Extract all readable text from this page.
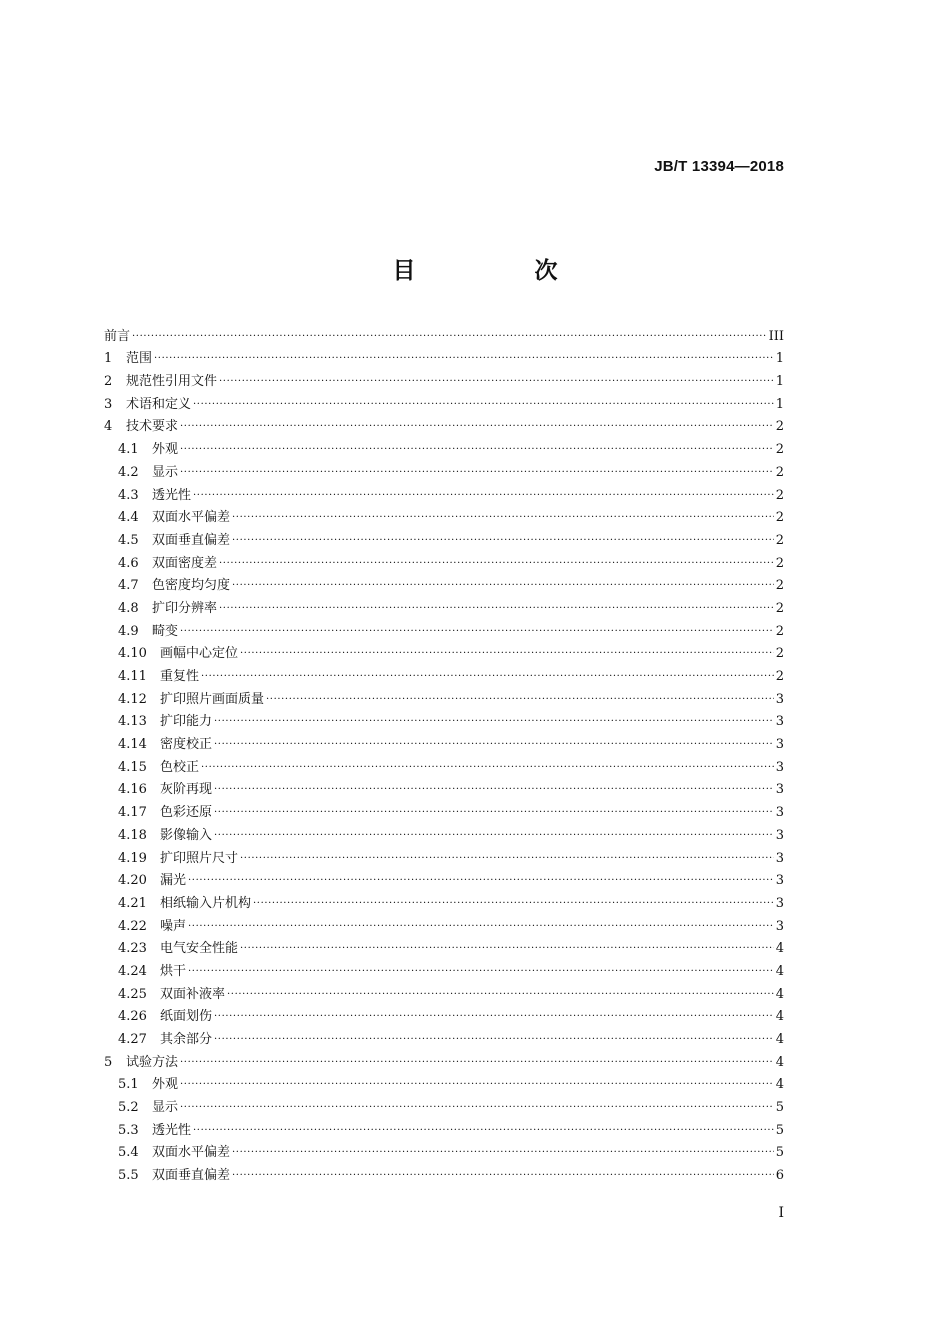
JB/T 13394—2018
目　次
前言 ·····	III
1	范围 ·····	1
2	规范性引用文件 ·····	1
3	术语和定义 ·····	1
4	技术要求 ·····	2
4.1	外观 ·····	2
4.2	显示 ·····	2
4.3	透光性 ·····	2
4.4	双面水平偏差 ·····	2
4.5	双面垂直偏差 ·····	2
4.6	双面密度差 ·····	2
4.7	色密度均匀度 ·····	2
4.8	扩印分辨率 ·····	2
4.9	畸变 ·····	2
4.10	画幅中心定位 ·····	2
4.11	重复性 ·····	2
4.12	扩印照片画面质量 ·····	3
4.13	扩印能力 ·····	3
4.14	密度校正 ·····	3
4.15	色校正 ·····	3
4.16	灰阶再现 ·····	3
4.17	色彩还原 ·····	3
4.18	影像输入 ·····	3
4.19	扩印照片尺寸 ·····	3
4.20	漏光 ·····	3
4.21	相纸输入片机构 ·····	3
4.22	噪声 ·····	3
4.23	电气安全性能 ·····	4
4.24	烘干 ·····	4
4.25	双面补液率 ·····	4
4.26	纸面划伤 ·····	4
4.27	其余部分 ·····	4
5	试验方法 ·····	4
5.1	外观 ·····	4
5.2	显示 ·····	5
5.3	透光性 ·····	5
5.4	双面水平偏差 ·····	5
5.5	双面垂直偏差 ·····	6
I
